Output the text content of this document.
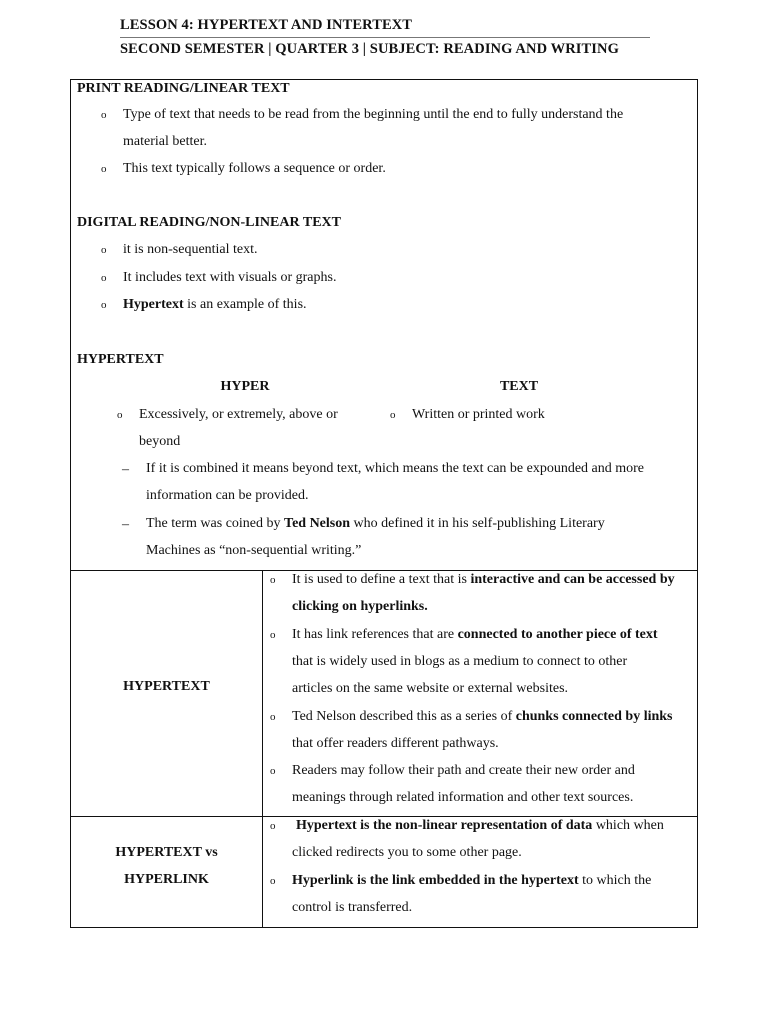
LESSON 4: HYPERTEXT AND INTERTEXT
SECOND SEMESTER | QUARTER 3 | SUBJECT: READING AND WRITING
PRINT READING/LINEAR TEXT
o Type of text that needs to be read from the beginning until the end to fully understand the
material better.
o This text typically follows a sequence or order.
DIGITAL READING/NON-LINEAR TEXT
o it is non-sequential text.
o It includes text with visuals or graphs.
o Hypertext is an example of this.
HYPERTEXT
HYPER	TEXT
o Excessively, or extremely, above or
beyond
o Written or printed work
– If it is combined it means beyond text, which means the text can be expounded and more
information can be provided.
– The term was coined by Ted Nelson who defined it in his self-publishing Literary
Machines as “non-sequential writing.”
HYPERTEXT
o It is used to define a text that is interactive and can be accessed by
clicking on hyperlinks.
o It has link references that are connected to another piece of text
that is widely used in blogs as a medium to connect to other
articles on the same website or external websites.
o Ted Nelson described this as a series of chunks connected by links
that offer readers different pathways.
o Readers may follow their path and create their new order and
meanings through related information and other text sources.
HYPERTEXT vs
HYPERLINK
o Hypertext is the non-linear representation of data which when
clicked redirects you to some other page.
o Hyperlink is the link embedded in the hypertext to which the
control is transferred.
